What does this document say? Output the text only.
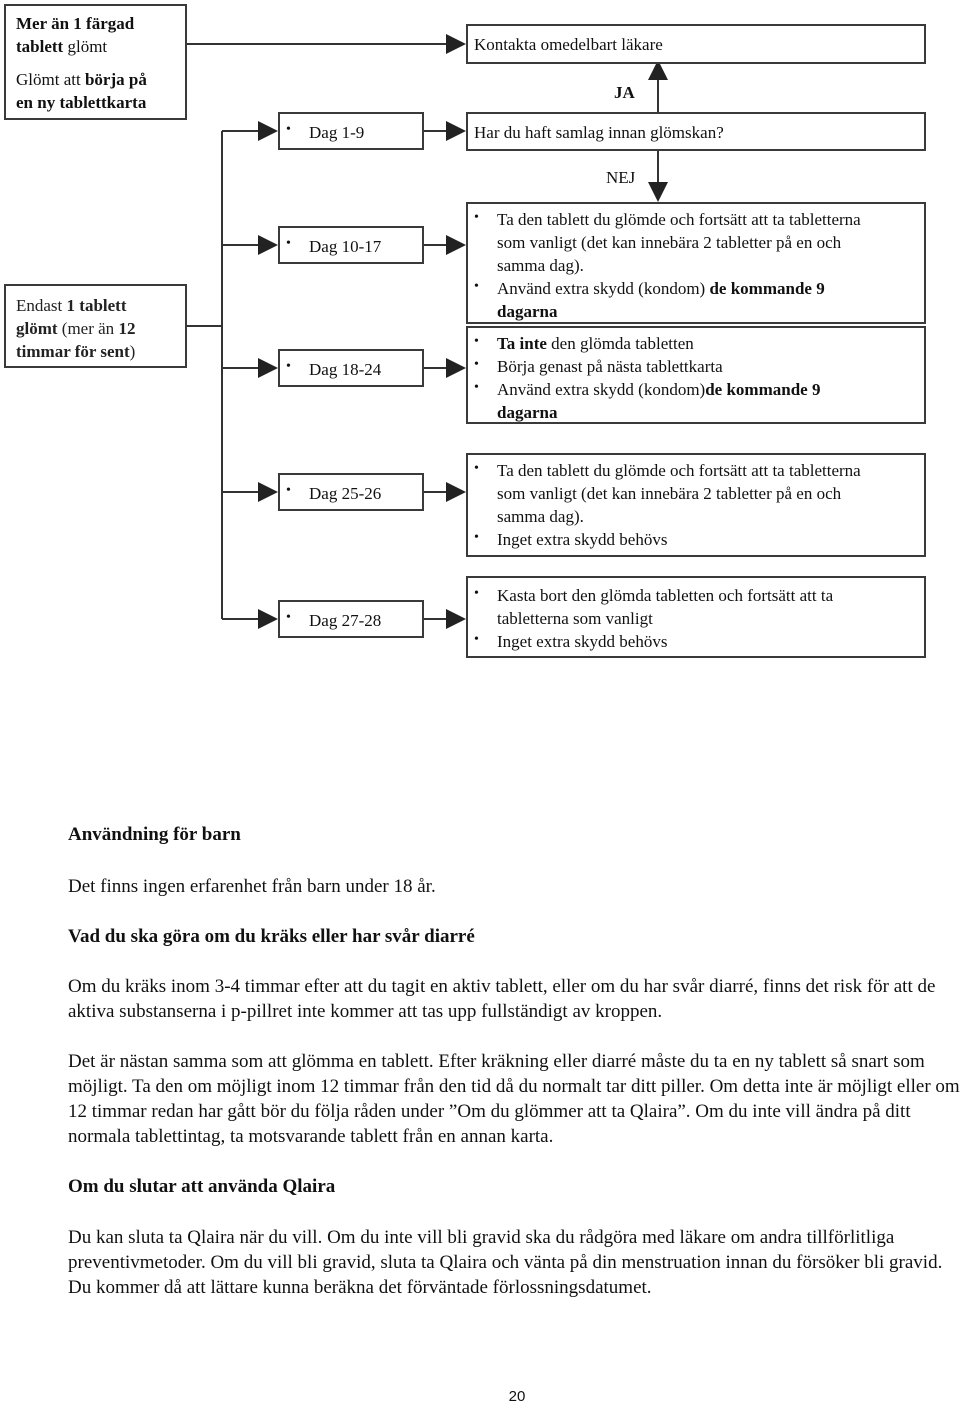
Mer än 1 färgad
tablett glömt
Glömt att börja på
en ny tablettkarta
Endast 1 tablett
glömt (mer än 12
timmar för sent)
Kontakta omedelbart läkare
JA
Har du haft samlag innan glömskan?
NEJ
• Dag 1-9
• Dag 10-17
• Dag 18-24
• Dag 25-26
• Dag 27-28
• Ta den tablett du glömde och fortsätt att ta tabletterna
som vanligt (det kan innebära 2 tabletter på en och
samma dag).
• Använd extra skydd (kondom) de kommande 9
dagarna
• Ta inte den glömda tabletten
• Börja genast på nästa tablettkarta
• Använd extra skydd (kondom)de kommande 9
dagarna
• Ta den tablett du glömde och fortsätt att ta tabletterna
som vanligt (det kan innebära 2 tabletter på en och
samma dag).
• Inget extra skydd behövs
• Kasta bort den glömda tabletten och fortsätt att ta
tabletterna som vanligt
• Inget extra skydd behövs
Användning för barn
Det finns ingen erfarenhet från barn under 18 år.
Vad du ska göra om du kräks eller har svår diarré
Om du kräks inom 3-4 timmar efter att du tagit en aktiv tablett, eller om du har svår diarré, finns det risk för att de aktiva substanserna i p-pillret inte kommer att tas upp fullständigt av kroppen.
Det är nästan samma som att glömma en tablett. Efter kräkning eller diarré måste du ta en ny tablett så snart som möjligt. Ta den om möjligt inom 12 timmar från den tid då du normalt tar ditt piller. Om detta inte är möjligt eller om 12 timmar redan har gått bör du följa råden under ”Om du glömmer att ta Qlaira”. Om du inte vill ändra på ditt normala tablettintag, ta motsvarande tablett från en annan karta.
Om du slutar att använda Qlaira
Du kan sluta ta Qlaira när du vill. Om du inte vill bli gravid ska du rådgöra med läkare om andra tillförlitliga preventivmetoder. Om du vill bli gravid, sluta ta Qlaira och vänta på din menstruation innan du försöker bli gravid. Du kommer då att lättare kunna beräkna det förväntade förlossningsdatumet.
20
